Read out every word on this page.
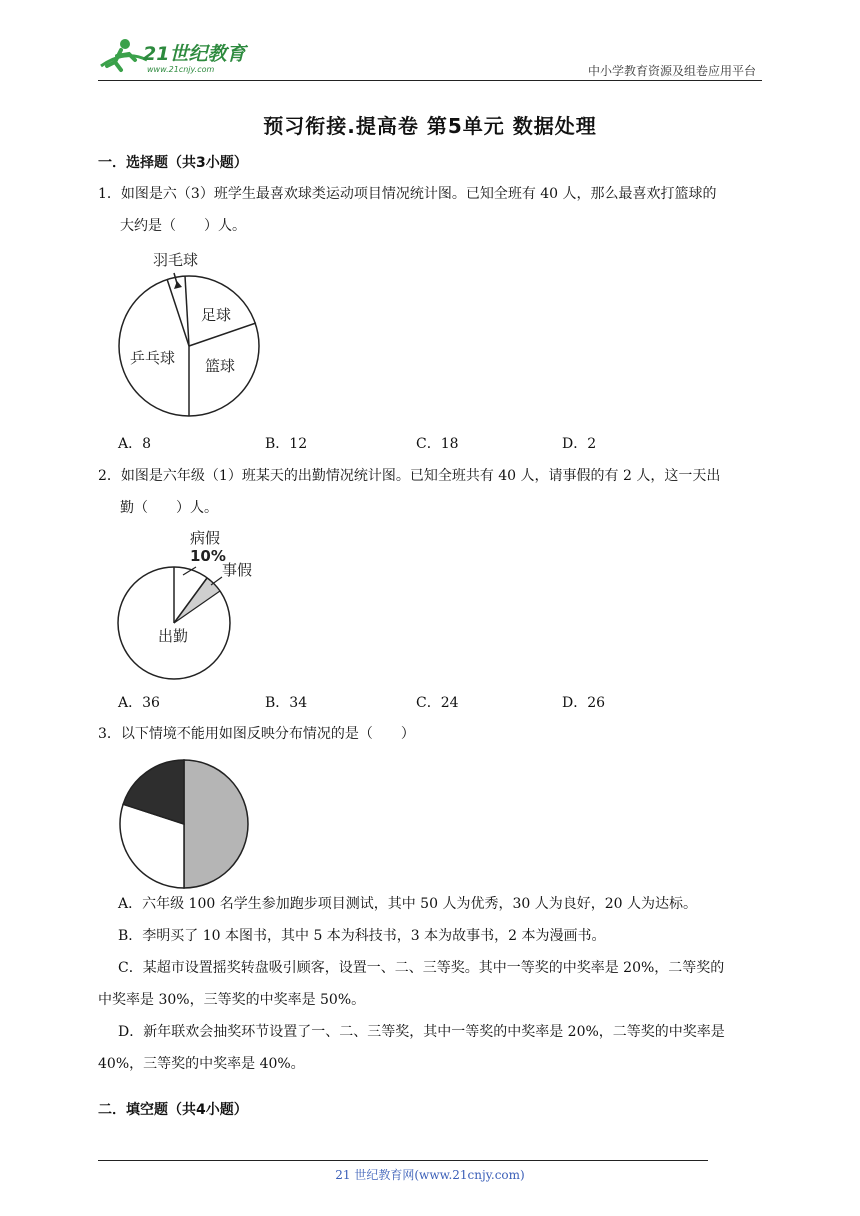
21世纪教育
www.21cnjy.com	中小学教育资源及组卷应用平台
预习衔接.提高卷 第5单元 数据处理
一．选择题（共3小题）
1．如图是六（3）班学生最喜欢球类运动项目情况统计图。已知全班有 40 人，那么最喜欢打篮球的
大约是（　　）人。
羽毛球
足球
篮球
乒乓球
A．8	B．12	C．18	D．2
2．如图是六年级（1）班某天的出勤情况统计图。已知全班共有 40 人，请事假的有 2 人，这一天出
勤（　　）人。
病假
10%
事假
出勤
A．36	B．34	C．24	D．26
3．以下情境不能用如图反映分布情况的是（　　）
A．六年级 100 名学生参加跑步项目测试，其中 50 人为优秀，30 人为良好，20 人为达标。
B．李明买了 10 本图书，其中 5 本为科技书，3 本为故事书，2 本为漫画书。
C．某超市设置摇奖转盘吸引顾客，设置一、二、三等奖。其中一等奖的中奖率是 20%，二等奖的
中奖率是 30%，三等奖的中奖率是 50%。
D．新年联欢会抽奖环节设置了一、二、三等奖，其中一等奖的中奖率是 20%，二等奖的中奖率是
40%，三等奖的中奖率是 40%。
二．填空题（共4小题）
21 世纪教育网(www.21cnjy.com)
